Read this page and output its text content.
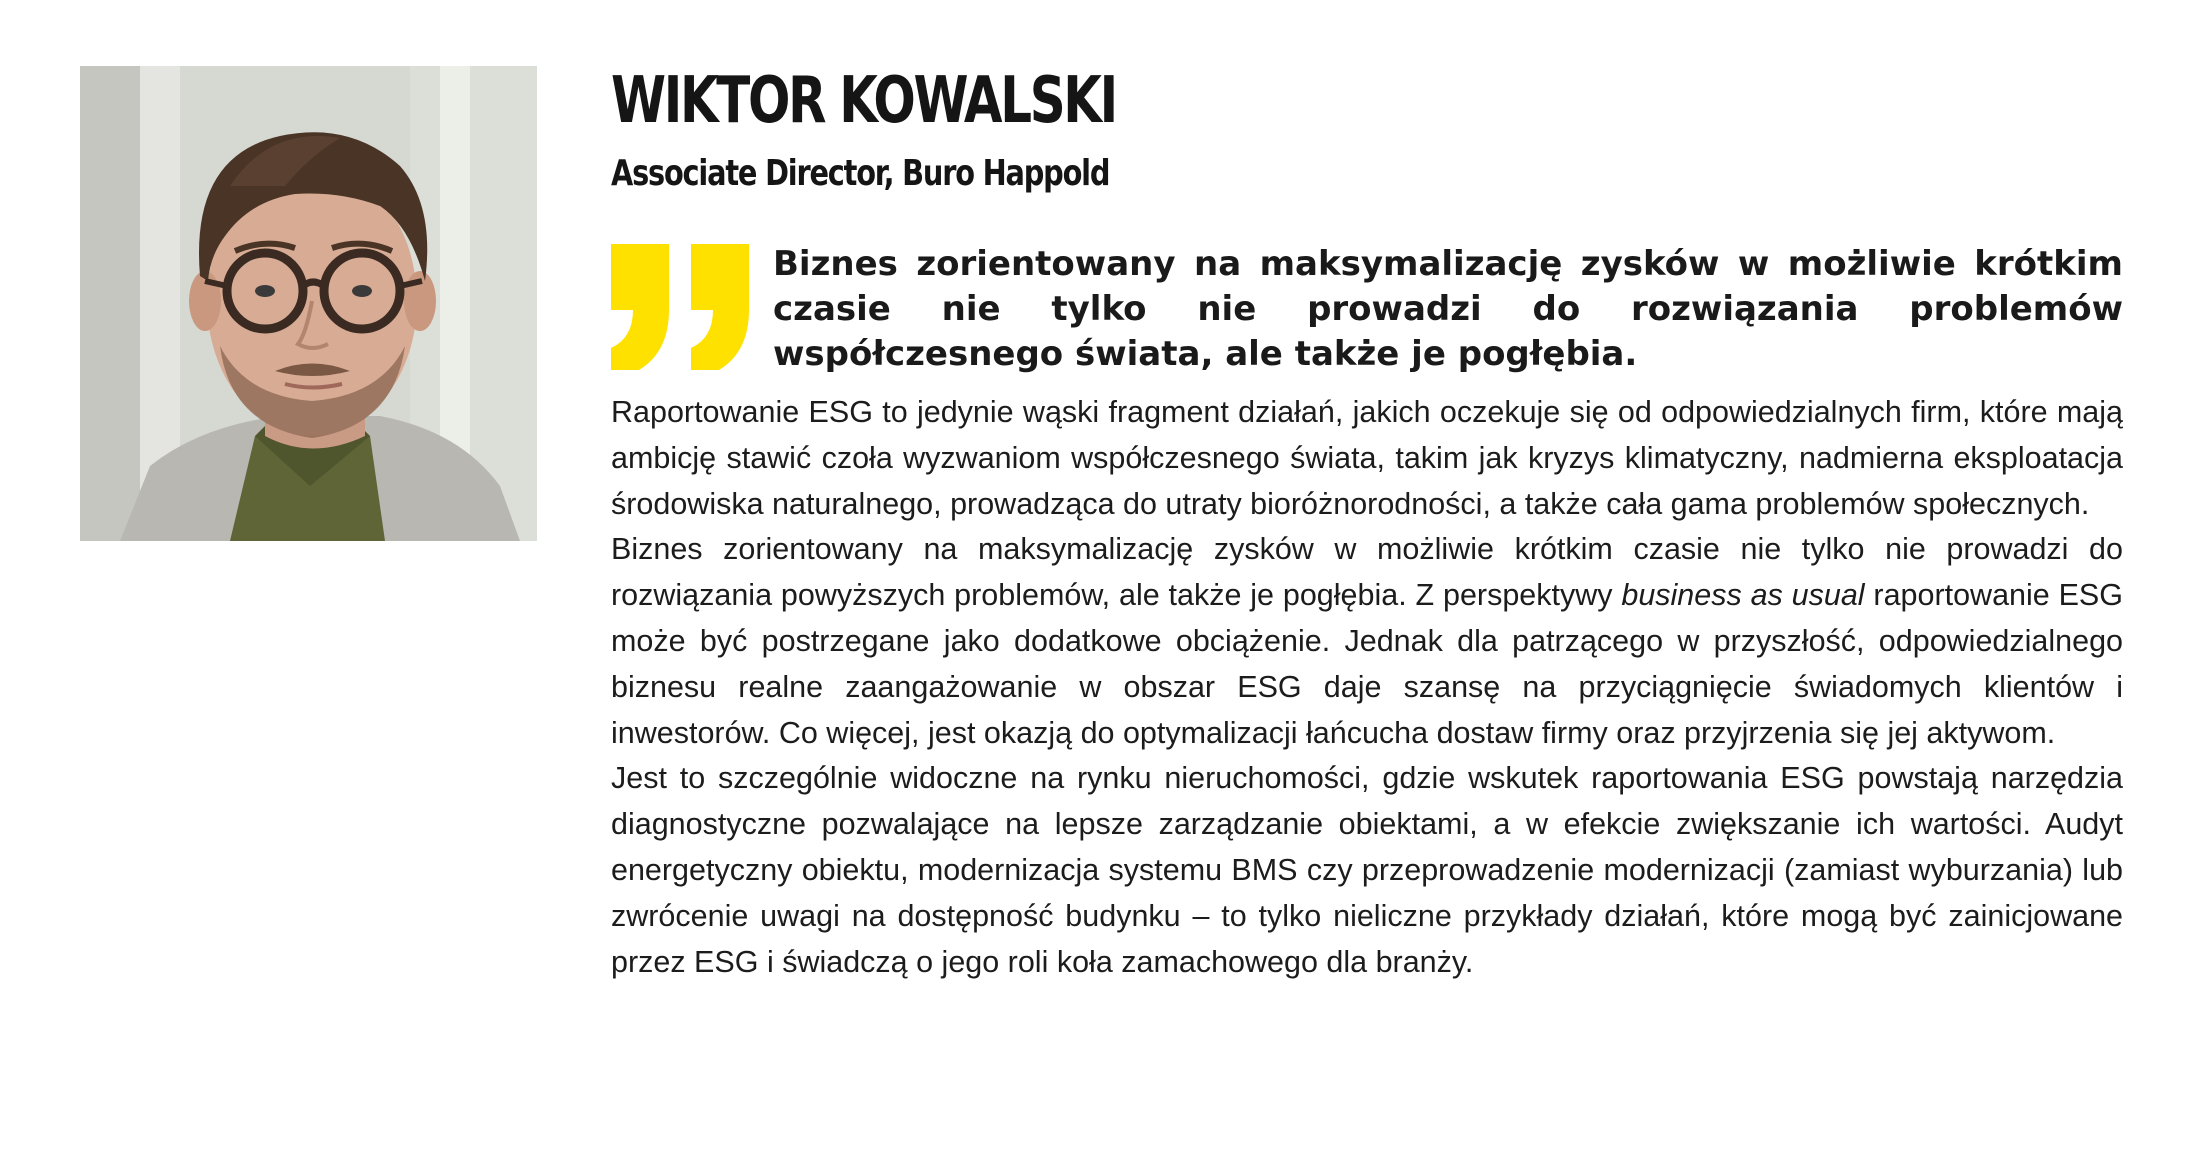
WIKTOR KOWALSKI
Associate Director, Buro Happold

Biznes zorientowany na maksymalizację zysków w możliwie krótkim czasie nie tylko nie prowadzi do rozwiązania problemów współczesnego świata, ale także je pogłębia.

Raportowanie ESG to jedynie wąski fragment działań, jakich oczekuje się od odpowiedzialnych firm, które mają ambicję stawić czoła wyzwaniom współczesnego świata, takim jak kryzys klimatyczny, nadmierna eksploatacja środowiska naturalnego, prowadząca do utraty bioróżnorodności, a także cała gama problemów społecznych.

Biznes zorientowany na maksymalizację zysków w możliwie krótkim czasie nie tylko nie prowadzi do rozwiązania powyższych problemów, ale także je pogłębia. Z perspektywy business as usual raportowanie ESG może być postrzegane jako dodatkowe obciążenie. Jednak dla patrzącego w przyszłość, odpowiedzialnego biznesu realne zaangażowanie w obszar ESG daje szansę na przyciągnięcie świadomych klientów i inwestorów. Co więcej, jest okazją do optymalizacji łańcucha dostaw firmy oraz przyjrzenia się jej aktywom.

Jest to szczególnie widoczne na rynku nieruchomości, gdzie wskutek raportowania ESG powstają narzędzia diagnostyczne pozwalające na lepsze zarządzanie obiektami, a w efekcie zwiększanie ich wartości. Audyt energetyczny obiektu, modernizacja systemu BMS czy przeprowadzenie modernizacji (zamiast wyburzania) lub zwrócenie uwagi na dostępność budynku – to tylko nieliczne przykłady działań, które mogą być zainicjowane przez ESG i świadczą o jego roli koła zamachowego dla branży.
